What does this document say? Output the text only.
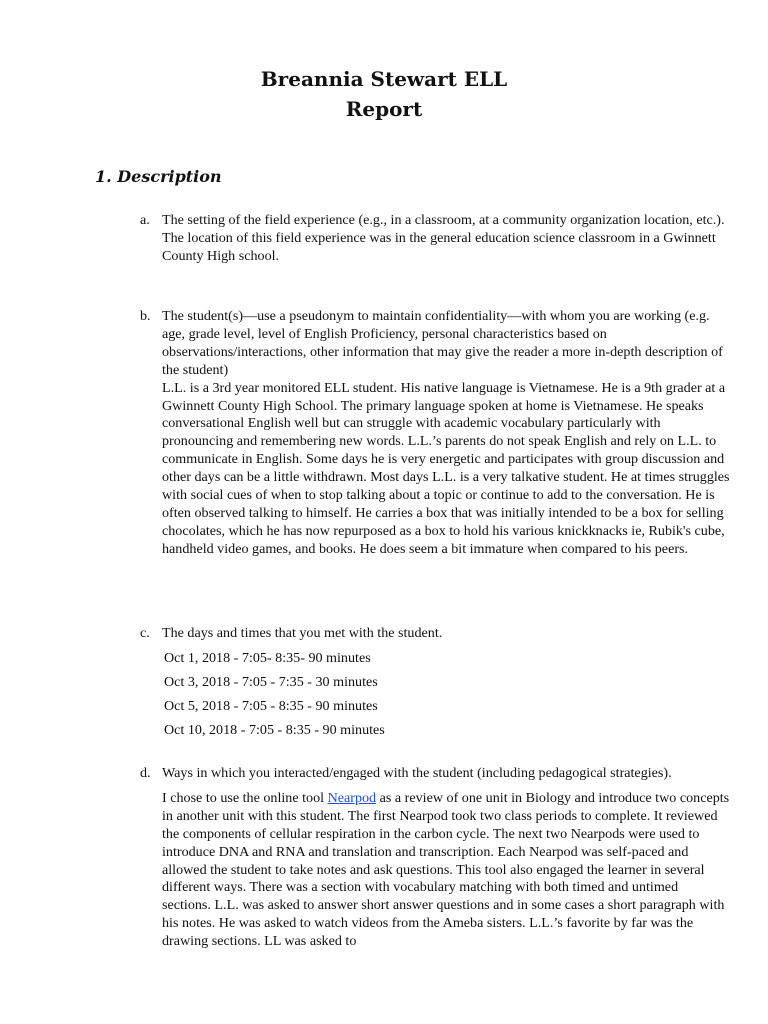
Breannia Stewart ELL
Report
1. Description
a. The setting of the field experience (e.g., in a classroom, at a community organization location, etc.).

The location of this field experience was in the general education science classroom in a Gwinnett County High school.

b. The student(s)—use a pseudonym to maintain confidentiality—with whom you are working (e.g. age, grade level, level of English Proficiency, personal characteristics based on observations/interactions, other information that may give the reader a more in-depth description of the student)

L.L. is a 3rd year monitored ELL student. His native language is Vietnamese. He is a 9th grader at a Gwinnett County High School. The primary language spoken at home is Vietnamese. He speaks conversational English well but can struggle with academic vocabulary particularly with pronouncing and remembering new words. L.L.’s parents do not speak English and rely on L.L. to communicate in English. Some days he is very energetic and participates with group discussion and other days can be a little withdrawn. Most days L.L. is a very talkative student. He at times struggles with social cues of when to stop talking about a topic or continue to add to the conversation. He is often observed talking to himself. He carries a box that was initially intended to be a box for selling chocolates, which he has now repurposed as a box to hold his various knickknacks ie, Rubik's cube, handheld video games, and books. He does seem a bit immature when compared to his peers.

c. The days and times that you met with the student.

Oct 1, 2018 - 7:05- 8:35- 90 minutes
Oct 3, 2018 - 7:05 - 7:35 - 30 minutes
Oct 5, 2018 - 7:05 - 8:35 - 90 minutes
Oct 10, 2018 - 7:05 - 8:35 - 90 minutes
d. Ways in which you interacted/engaged with the student (including pedagogical strategies).

I chose to use the online tool Nearpod as a review of one unit in Biology and introduce two concepts in another unit with this student. The first Nearpod took two class periods to complete. It reviewed the components of cellular respiration in the carbon cycle. The next two Nearpods were used to introduce DNA and RNA and translation and transcription. Each Nearpod was self-paced and allowed the student to take notes and ask questions. This tool also engaged the learner in several different ways. There was a section with vocabulary matching with both timed and untimed sections. L.L. was asked to answer short answer questions and in some cases a short paragraph with his notes. He was asked to watch videos from the Ameba sisters. L.L.’s favorite by far was the drawing sections. LL was asked to
